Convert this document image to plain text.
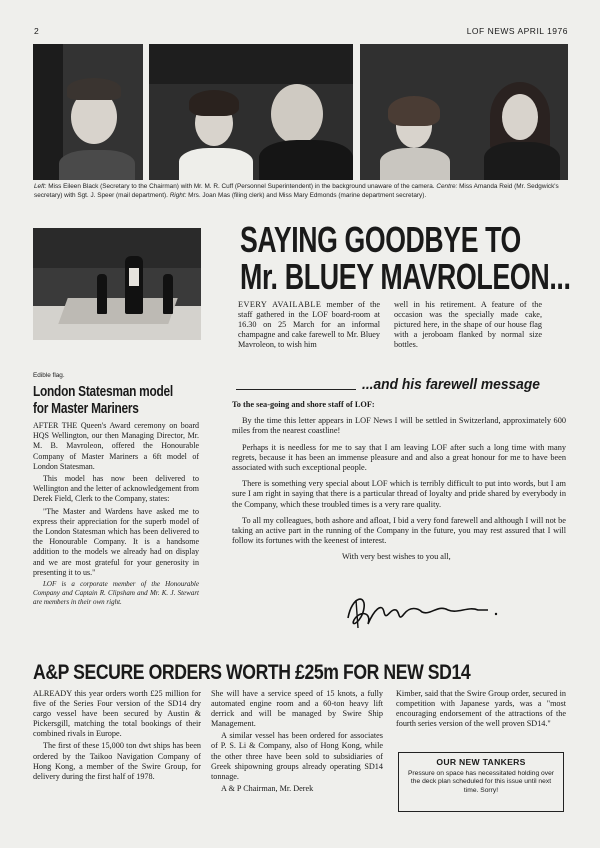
2	LOF NEWS APRIL 1976
Left: Miss Eileen Black (Secretary to the Chairman) with Mr. M. R. Cuff (Personnel Superintendent) in the background unaware of the camera. Centre: Miss Amanda Reid (Mr. Sedgwick's secretary) with Sgt. J. Speer (mail department). Right: Mrs. Joan Mas (filing clerk) and Miss Mary Edmonds (marine department secretary).
Edible flag.
SAYING GOODBYE TO
Mr. BLUEY MAVROLEON...

EVERY AVAILABLE member of the staff gathered in the LOF board-room at 16.30 on 25 March for an informal champagne and cake farewell to Mr. Bluey Mavroleon, to wish him

well in his retirement. A feature of the occasion was the specially made cake, pictured here, in the shape of our house flag with a jeroboam flanked by normal size bottles.

London Statesman model
for Master Mariners

AFTER THE Queen's Award ceremony on board HQS Wellington, our then Managing Director, Mr. M. B. Mavroleon, offered the Honourable Company of Master Mariners a 6ft model of London Statesman.

This model has now been delivered to Wellington and the letter of acknowledgement from Derek Field, Clerk to the Company, states:

"The Master and Wardens have asked me to express their appreciation for the superb model of the London Statesman which has been delivered to the Honourable Company. It is a handsome addition to the models we already had on display and we are most grateful for your generosity in presenting it to us."

LOF is a corporate member of the Honourable Company and Captain R. Clipsham and Mr. K. J. Stewart are members in their own right.

...and his farewell message

To the sea-going and shore staff of LOF:

By the time this letter appears in LOF News I will be settled in Switzerland, approximately 600 miles from the nearest coastline!

Perhaps it is needless for me to say that I am leaving LOF after such a long time with many regrets, because it has been an immense pleasure and and also a great honour for me to have been associated with such exceptional people.

There is something very special about LOF which is terribly difficult to put into words, but I am sure I am right in saying that there is a particular thread of loyalty and pride shared by everybody in the Company, which these troubled times is a very rare quality.

To all my colleagues, both ashore and afloat, I bid a very fond farewell and although I will not be taking an active part in the running of the Company in the future, you may rest assured that I will follow its fortunes with the keenest of interest.

With very best wishes to you all,

A&P SECURE ORDERS WORTH £25m FOR NEW SD14

ALREADY this year orders worth £25 million for five of the Series Four version of the SD14 dry cargo vessel have been secured by Austin & Pickersgill, matching the total bookings of their combined rivals in Europe.

The first of these 15,000 ton dwt ships has been ordered by the Taikoo Navigation Company of Hong Kong, a member of the Swire Group, for delivery during the first half of 1978.

She will have a service speed of 15 knots, a fully automated engine room and a 60-ton heavy lift derrick and will be managed by Swire Ship Management.

A similar vessel has been ordered for associates of P. S. Li & Company, also of Hong Kong, while the other three have been sold to subsidiaries of Greek shipowning groups already operating SD14 tonnage.

A & P Chairman, Mr. Derek

Kimber, said that the Swire Group order, secured in competition with Japanese yards, was a "most encouraging endorsement of the attractions of the fourth series version of the well proven SD14."

OUR NEW TANKERS
Pressure on space has necessitated holding over the deck plan scheduled for this issue until next time. Sorry!
